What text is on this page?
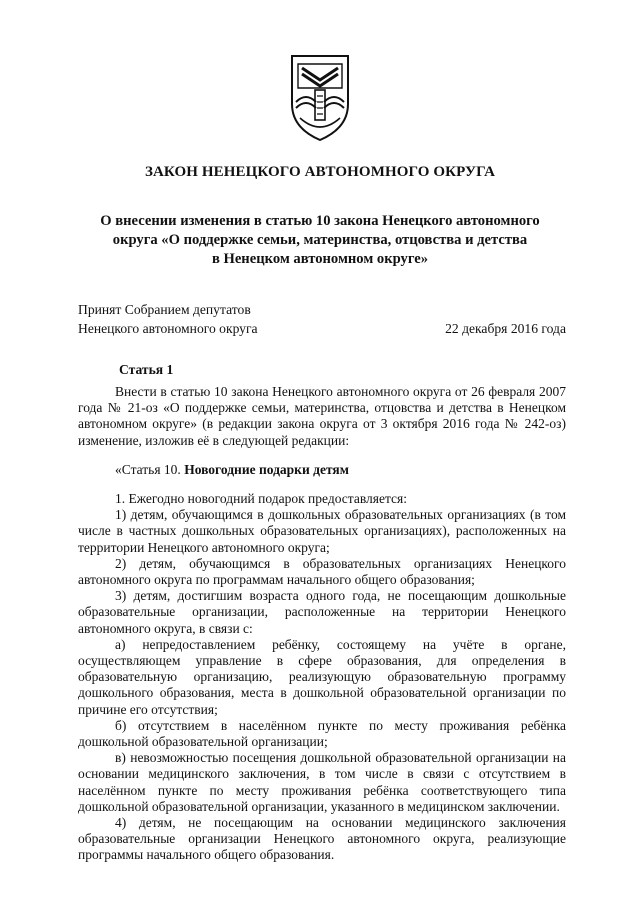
ЗАКОН НЕНЕЦКОГО АВТОНОМНОГО ОКРУГА
О внесении изменения в статью 10 закона Ненецкого автономного
округа «О поддержке семьи, материнства, отцовства и детства
в Ненецком автономном округе»
Принят Собранием депутатов
Ненецкого автономного округа	22 декабря 2016 года
Статья 1

Внести в статью 10 закона Ненецкого автономного округа от 26 февраля 2007 года № 21-оз «О поддержке семьи, материнства, отцовства и детства в Ненецком автономном округе» (в редакции закона округа от 3 октября 2016 года № 242-оз) изменение, изложив её в следующей редакции:

«Статья 10. Новогодние подарки детям

1. Ежегодно новогодний подарок предоставляется:

1) детям, обучающимся в дошкольных образовательных организациях (в том числе в частных дошкольных образовательных организациях), расположенных на территории Ненецкого автономного округа;

2) детям, обучающимся в образовательных организациях Ненецкого автономного округа по программам начального общего образования;

3) детям, достигшим возраста одного года, не посещающим дошкольные образовательные организации, расположенные на территории Ненецкого автономного округа, в связи с:

а) непредоставлением ребёнку, состоящему на учёте в органе, осуществляющем управление в сфере образования, для определения в образовательную организацию, реализующую образовательную программу дошкольного образования, места в дошкольной образовательной организации по причине его отсутствия;

б) отсутствием в населённом пункте по месту проживания ребёнка дошкольной образовательной организации;

в) невозможностью посещения дошкольной образовательной организации на основании медицинского заключения, в том числе в связи с отсутствием в населённом пункте по месту проживания ребёнка соответствующего типа дошкольной образовательной организации, указанного в медицинском заключении.

4) детям, не посещающим на основании медицинского заключения образовательные организации Ненецкого автономного округа, реализующие программы начального общего образования.
